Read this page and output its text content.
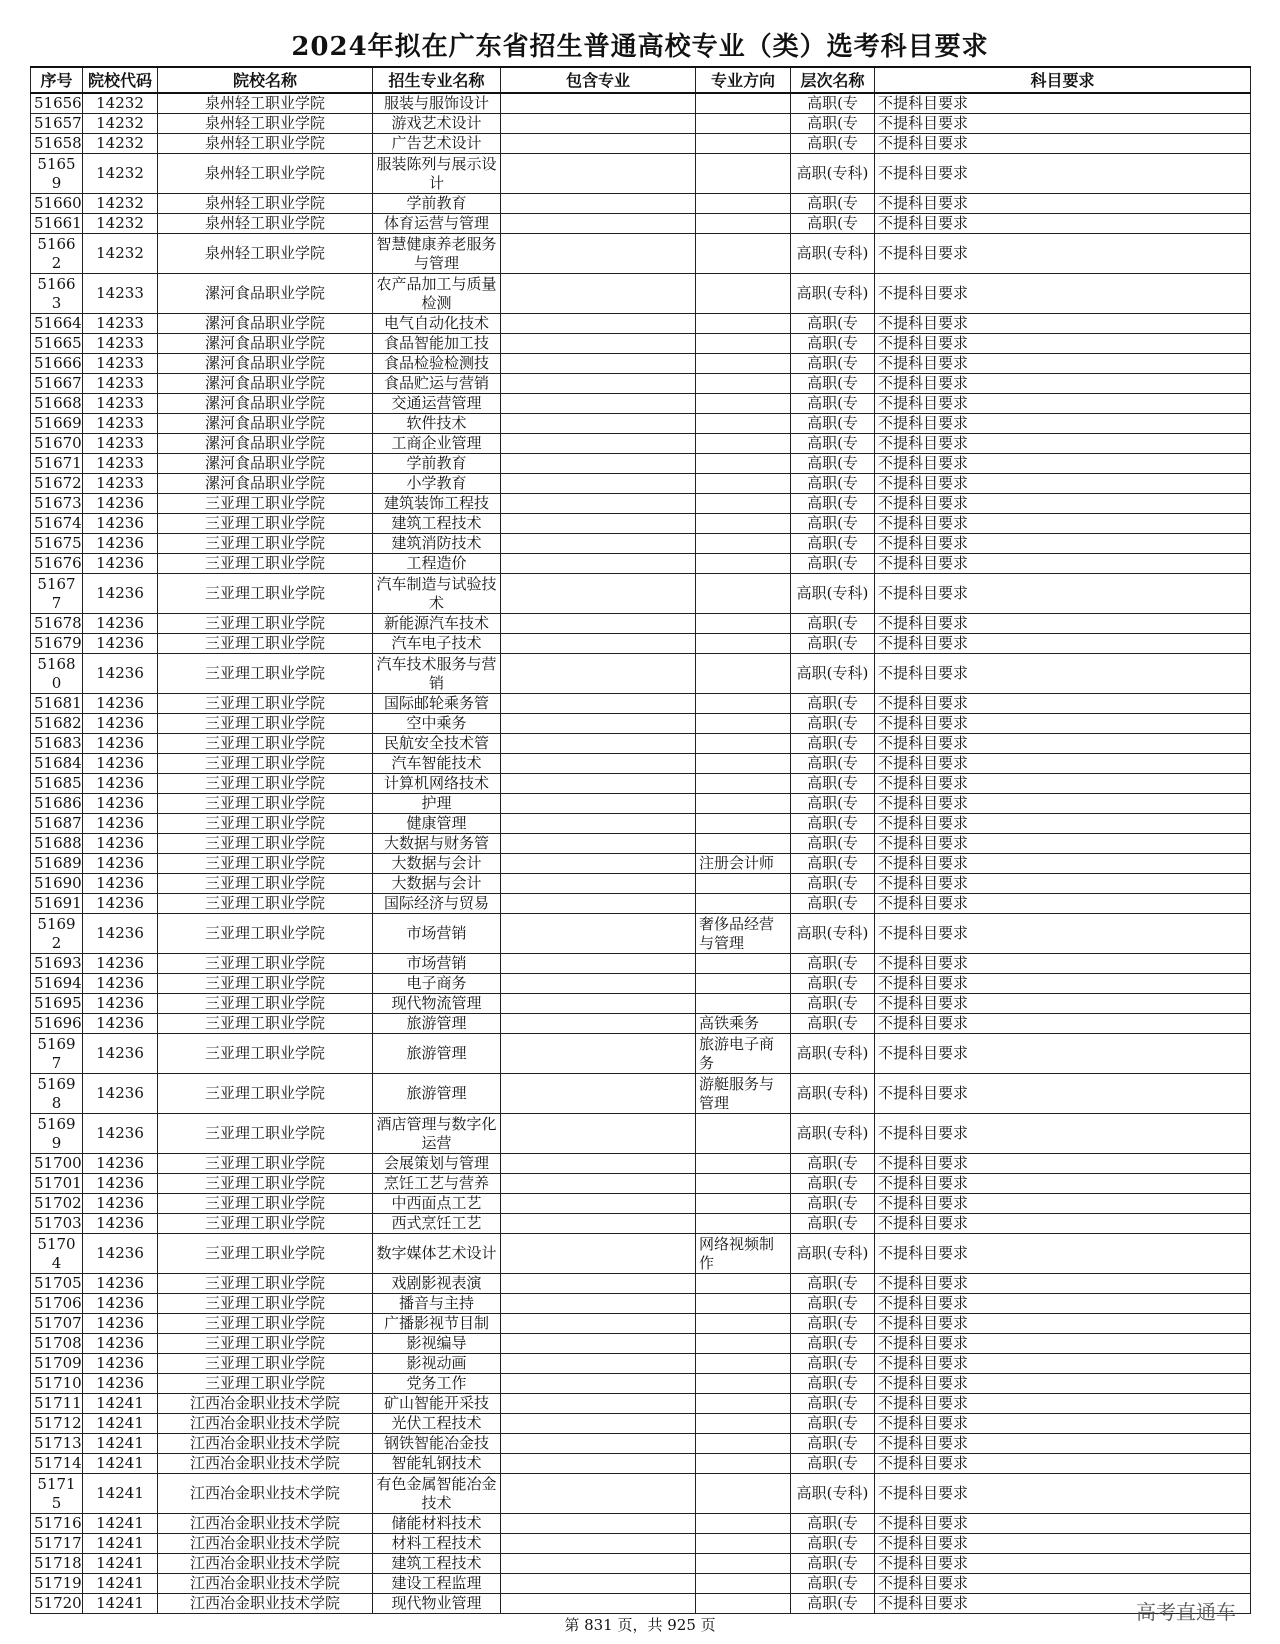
2024年拟在广东省招生普通高校专业（类）选考科目要求
序号	院校代码	院校名称	招生专业名称	包含专业	专业方向	层次名称	科目要求
51656	14232	泉州轻工职业学院	服装与服饰设计			高职(专	不提科目要求
51657	14232	泉州轻工职业学院	游戏艺术设计			高职(专	不提科目要求
51658	14232	泉州轻工职业学院	广告艺术设计			高职(专	不提科目要求
51659	14232	泉州轻工职业学院	服装陈列与展示设计			高职(专科)	不提科目要求
51660	14232	泉州轻工职业学院	学前教育			高职(专	不提科目要求
51661	14232	泉州轻工职业学院	体育运营与管理			高职(专	不提科目要求
51662	14232	泉州轻工职业学院	智慧健康养老服务与管理			高职(专科)	不提科目要求
51663	14233	漯河食品职业学院	农产品加工与质量检测			高职(专科)	不提科目要求
51664	14233	漯河食品职业学院	电气自动化技术			高职(专	不提科目要求
51665	14233	漯河食品职业学院	食品智能加工技			高职(专	不提科目要求
51666	14233	漯河食品职业学院	食品检验检测技			高职(专	不提科目要求
51667	14233	漯河食品职业学院	食品贮运与营销			高职(专	不提科目要求
51668	14233	漯河食品职业学院	交通运营管理			高职(专	不提科目要求
51669	14233	漯河食品职业学院	软件技术			高职(专	不提科目要求
51670	14233	漯河食品职业学院	工商企业管理			高职(专	不提科目要求
51671	14233	漯河食品职业学院	学前教育			高职(专	不提科目要求
51672	14233	漯河食品职业学院	小学教育			高职(专	不提科目要求
51673	14236	三亚理工职业学院	建筑装饰工程技			高职(专	不提科目要求
51674	14236	三亚理工职业学院	建筑工程技术			高职(专	不提科目要求
51675	14236	三亚理工职业学院	建筑消防技术			高职(专	不提科目要求
51676	14236	三亚理工职业学院	工程造价			高职(专	不提科目要求
51677	14236	三亚理工职业学院	汽车制造与试验技术			高职(专科)	不提科目要求
51678	14236	三亚理工职业学院	新能源汽车技术			高职(专	不提科目要求
51679	14236	三亚理工职业学院	汽车电子技术			高职(专	不提科目要求
51680	14236	三亚理工职业学院	汽车技术服务与营销			高职(专科)	不提科目要求
51681	14236	三亚理工职业学院	国际邮轮乘务管			高职(专	不提科目要求
51682	14236	三亚理工职业学院	空中乘务			高职(专	不提科目要求
51683	14236	三亚理工职业学院	民航安全技术管			高职(专	不提科目要求
51684	14236	三亚理工职业学院	汽车智能技术			高职(专	不提科目要求
51685	14236	三亚理工职业学院	计算机网络技术			高职(专	不提科目要求
51686	14236	三亚理工职业学院	护理			高职(专	不提科目要求
51687	14236	三亚理工职业学院	健康管理			高职(专	不提科目要求
51688	14236	三亚理工职业学院	大数据与财务管			高职(专	不提科目要求
51689	14236	三亚理工职业学院	大数据与会计		注册会计师	高职(专	不提科目要求
51690	14236	三亚理工职业学院	大数据与会计			高职(专	不提科目要求
51691	14236	三亚理工职业学院	国际经济与贸易			高职(专	不提科目要求
51692	14236	三亚理工职业学院	市场营销		奢侈品经营与管理	高职(专科)	不提科目要求
51693	14236	三亚理工职业学院	市场营销			高职(专	不提科目要求
51694	14236	三亚理工职业学院	电子商务			高职(专	不提科目要求
51695	14236	三亚理工职业学院	现代物流管理			高职(专	不提科目要求
51696	14236	三亚理工职业学院	旅游管理		高铁乘务	高职(专	不提科目要求
51697	14236	三亚理工职业学院	旅游管理		旅游电子商务	高职(专科)	不提科目要求
51698	14236	三亚理工职业学院	旅游管理		游艇服务与管理	高职(专科)	不提科目要求
51699	14236	三亚理工职业学院	酒店管理与数字化运营			高职(专科)	不提科目要求
51700	14236	三亚理工职业学院	会展策划与管理			高职(专	不提科目要求
51701	14236	三亚理工职业学院	烹饪工艺与营养			高职(专	不提科目要求
51702	14236	三亚理工职业学院	中西面点工艺			高职(专	不提科目要求
51703	14236	三亚理工职业学院	西式烹饪工艺			高职(专	不提科目要求
51704	14236	三亚理工职业学院	数字媒体艺术设计		网络视频制作	高职(专科)	不提科目要求
51705	14236	三亚理工职业学院	戏剧影视表演			高职(专	不提科目要求
51706	14236	三亚理工职业学院	播音与主持			高职(专	不提科目要求
51707	14236	三亚理工职业学院	广播影视节目制			高职(专	不提科目要求
51708	14236	三亚理工职业学院	影视编导			高职(专	不提科目要求
51709	14236	三亚理工职业学院	影视动画			高职(专	不提科目要求
51710	14236	三亚理工职业学院	党务工作			高职(专	不提科目要求
51711	14241	江西冶金职业技术学院	矿山智能开采技			高职(专	不提科目要求
51712	14241	江西冶金职业技术学院	光伏工程技术			高职(专	不提科目要求
51713	14241	江西冶金职业技术学院	钢铁智能冶金技			高职(专	不提科目要求
51714	14241	江西冶金职业技术学院	智能轧钢技术			高职(专	不提科目要求
51715	14241	江西冶金职业技术学院	有色金属智能冶金技术			高职(专科)	不提科目要求
51716	14241	江西冶金职业技术学院	储能材料技术			高职(专	不提科目要求
51717	14241	江西冶金职业技术学院	材料工程技术			高职(专	不提科目要求
51718	14241	江西冶金职业技术学院	建筑工程技术			高职(专	不提科目要求
51719	14241	江西冶金职业技术学院	建设工程监理			高职(专	不提科目要求
51720	14241	江西冶金职业技术学院	现代物业管理			高职(专	不提科目要求
第 831 页，共 925 页
高考直通车
